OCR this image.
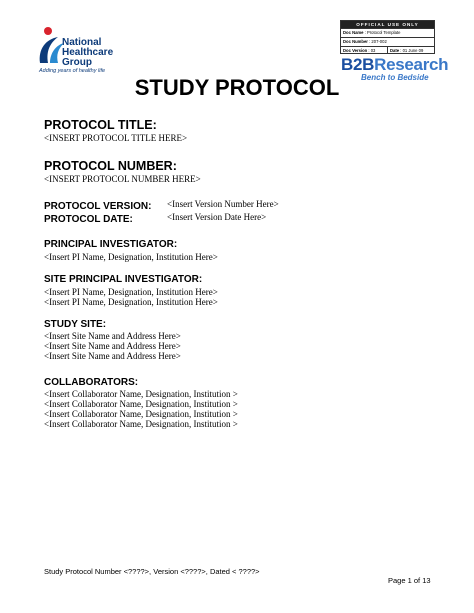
National
Healthcare
Group
Adding years of healthy life
OFFICIAL USE ONLY
Doc Name : Protocol Template
Doc Number : 207-002
Doc Version : 03	Date : 01 June 09
B2BResearch
Bench to Bedside
STUDY PROTOCOL
PROTOCOL TITLE:
<INSERT PROTOCOL TITLE HERE>
PROTOCOL NUMBER:
<INSERT PROTOCOL NUMBER HERE>
PROTOCOL VERSION: <Insert Version Number Here>
PROTOCOL DATE:	<Insert Version Date Here>
PRINCIPAL INVESTIGATOR:
<Insert PI Name, Designation, Institution Here>
SITE PRINCIPAL INVESTIGATOR:
<Insert PI Name, Designation, Institution Here>
<Insert PI Name, Designation, Institution Here>
STUDY SITE:
<Insert Site Name and Address Here>
<Insert Site Name and Address Here>
<Insert Site Name and Address Here>
COLLABORATORS:
<Insert Collaborator Name, Designation, Institution >
<Insert Collaborator Name, Designation, Institution >
<Insert Collaborator Name, Designation, Institution >
<Insert Collaborator Name, Designation, Institution >
Study Protocol Number <????>, Version <????>, Dated < ????>
Page 1 of 13
